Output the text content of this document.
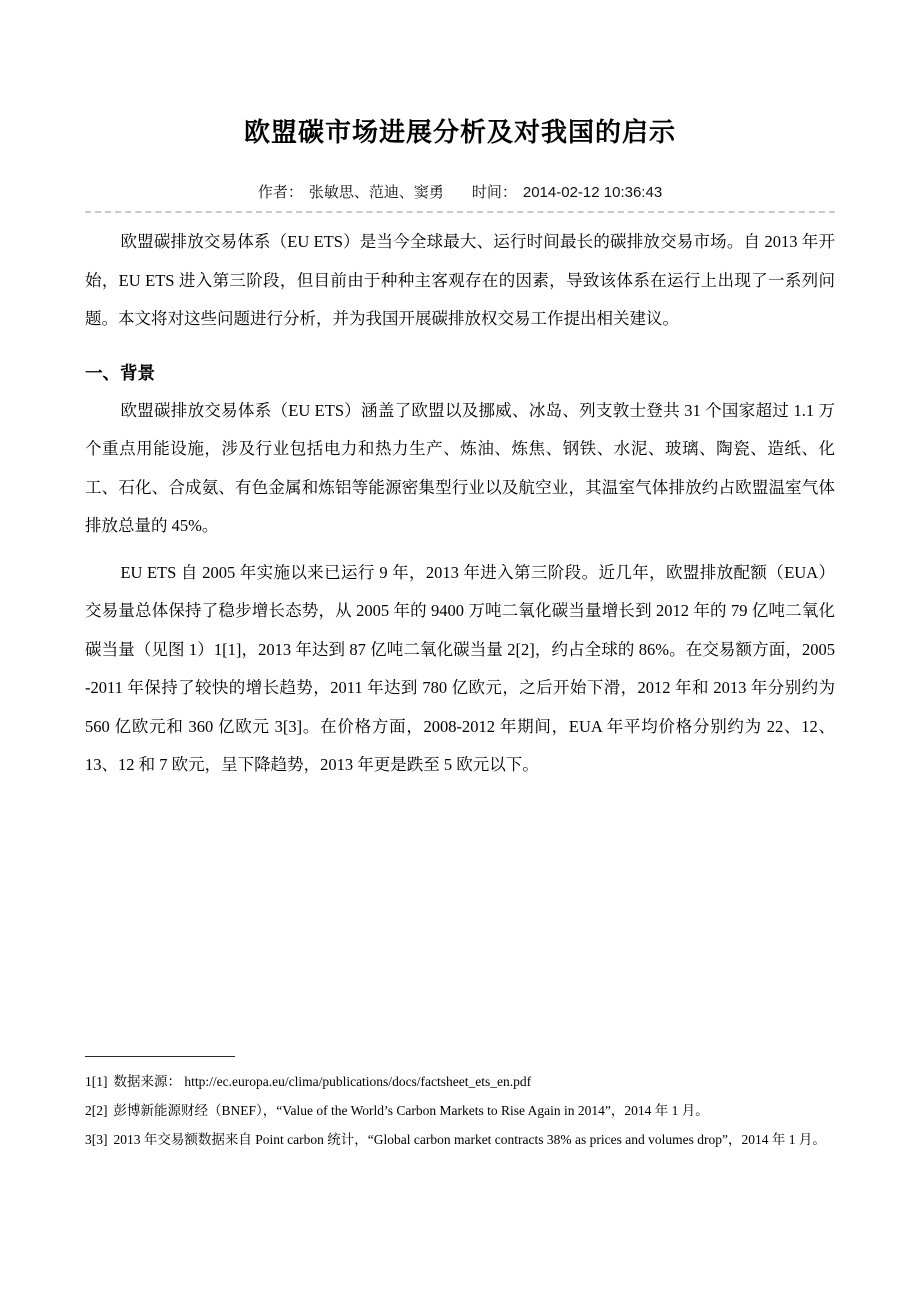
欧盟碳市场进展分析及对我国的启示
作者： 张敏思、范迪、窦勇 时间： 2014-02-12 10:36:43

欧盟碳排放交易体系（EU ETS）是当今全球最大、运行时间最长的碳排放交易市场。自 2013 年开始，EU ETS 进入第三阶段，但目前由于种种主客观存在的因素，导致该体系在运行上出现了一系列问题。本文将对这些问题进行分析，并为我国开展碳排放权交易工作提出相关建议。

一、背景

欧盟碳排放交易体系（EU ETS）涵盖了欧盟以及挪威、冰岛、列支敦士登共 31 个国家超过 1.1 万个重点用能设施，涉及行业包括电力和热力生产、炼油、炼焦、钢铁、水泥、玻璃、陶瓷、造纸、化工、石化、合成氨、有色金属和炼铝等能源密集型行业以及航空业，其温室气体排放约占欧盟温室气体排放总量的 45%。

EU ETS 自 2005 年实施以来已运行 9 年，2013 年进入第三阶段。近几年，欧盟排放配额（EUA）交易量总体保持了稳步增长态势，从 2005 年的 9400 万吨二氧化碳当量增长到 2012 年的 79 亿吨二氧化碳当量（见图 1）1[1]，2013 年达到 87 亿吨二氧化碳当量 2[2]，约占全球的 86%。在交易额方面，2005 -2011 年保持了较快的增长趋势，2011 年达到 780 亿欧元，之后开始下滑，2012 年和 2013 年分别约为 560 亿欧元和 360 亿欧元 3[3]。在价格方面，2008-2012 年期间，EUA 年平均价格分别约为 22、12、13、12 和 7 欧元，呈下降趋势，2013 年更是跌至 5 欧元以下。

1[1] 数据来源： http://ec.europa.eu/clima/publications/docs/factsheet_ets_en.pdf
2[2] 彭博新能源财经（BNEF），“Value of the World’s Carbon Markets to Rise Again in 2014”，2014 年 1 月。
3[3] 2013 年交易额数据来自 Point carbon 统计，“Global carbon market contracts 38% as prices and volumes drop”，2014 年 1 月。
